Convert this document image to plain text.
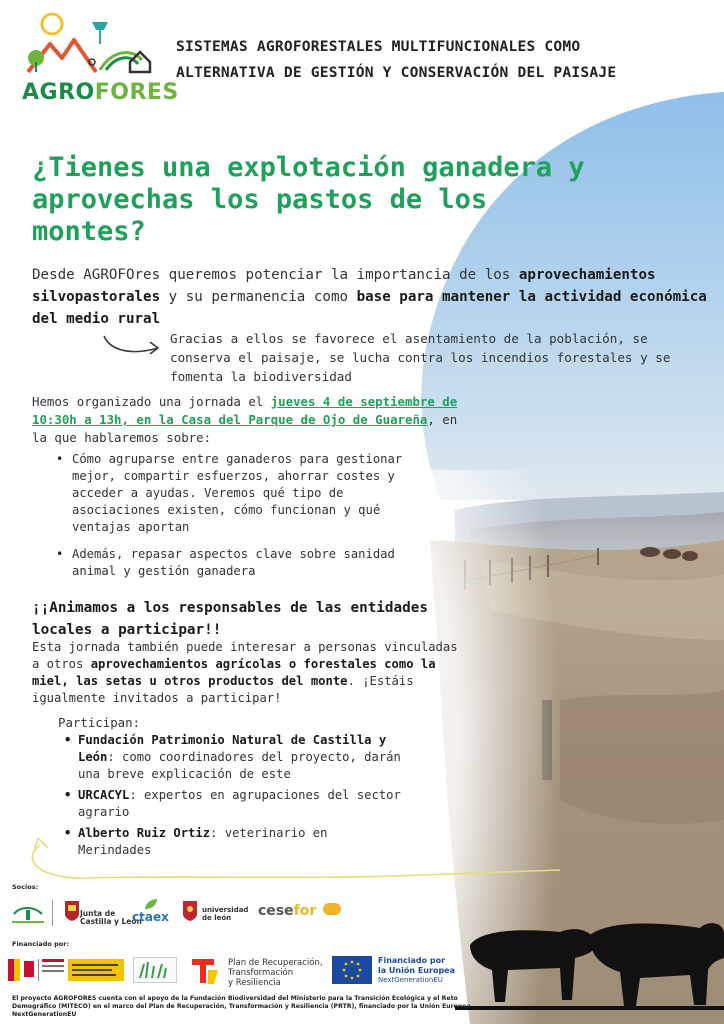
AGROFORES
SISTEMAS AGROFORESTALES MULTIFUNCIONALES COMO
ALTERNATIVA DE GESTIÓN Y CONSERVACIÓN DEL PAISAJE
¿Tienes una explotación ganadera y
aprovechas los pastos de los
montes?

Desde AGROFOres queremos potenciar la importancia de los aprovechamientos silvopastorales y su permanencia como base para mantener la actividad económica del medio rural

Gracias a ellos se favorece el asentamiento de la población, se conserva el paisaje, se lucha contra los incendios forestales y se fomenta la biodiversidad

Hemos organizado una jornada el jueves 4 de septiembre de 10:30h a 13h, en la Casa del Parque de Ojo de Guareña, en la que hablaremos sobre:

• Cómo agruparse entre ganaderos para gestionar mejor, compartir esfuerzos, ahorrar costes y acceder a ayudas. Veremos qué tipo de asociaciones existen, cómo funcionan y qué ventajas aportan
• Además, repasar aspectos clave sobre sanidad animal y gestión ganadera
¡¡Animamos a los responsables de las entidades locales a participar!!

Esta jornada también puede interesar a personas vinculadas a otros aprovechamientos agrícolas o forestales como la miel, las setas u otros productos del monte. ¡Estáis igualmente invitados a participar!

Participan:
• Fundación Patrimonio Natural de Castilla y León: como coordinadores del proyecto, darán una breve explicación de este
• URCACYL: expertos en agrupaciones del sector agrario
• Alberto Ruiz Ortiz: veterinario en Merindades
Socios:
Junta de
Castilla y León
ctaex	universidad
de león	cesefor
Financiado por:
Plan de Recuperación,
Transformación
y Resiliencia
Financiado por
la Unión Europea
NextGenerationEU

El proyecto AGROFORES cuenta con el apoyo de la Fundación Biodiversidad del Ministerio para la Transición Ecológica y el Reto Demográfico (MITECO) en el marco del Plan de Recuperación, Transformación y Resiliencia (PRTR), financiado por la Unión Europea NextGenerationEU
